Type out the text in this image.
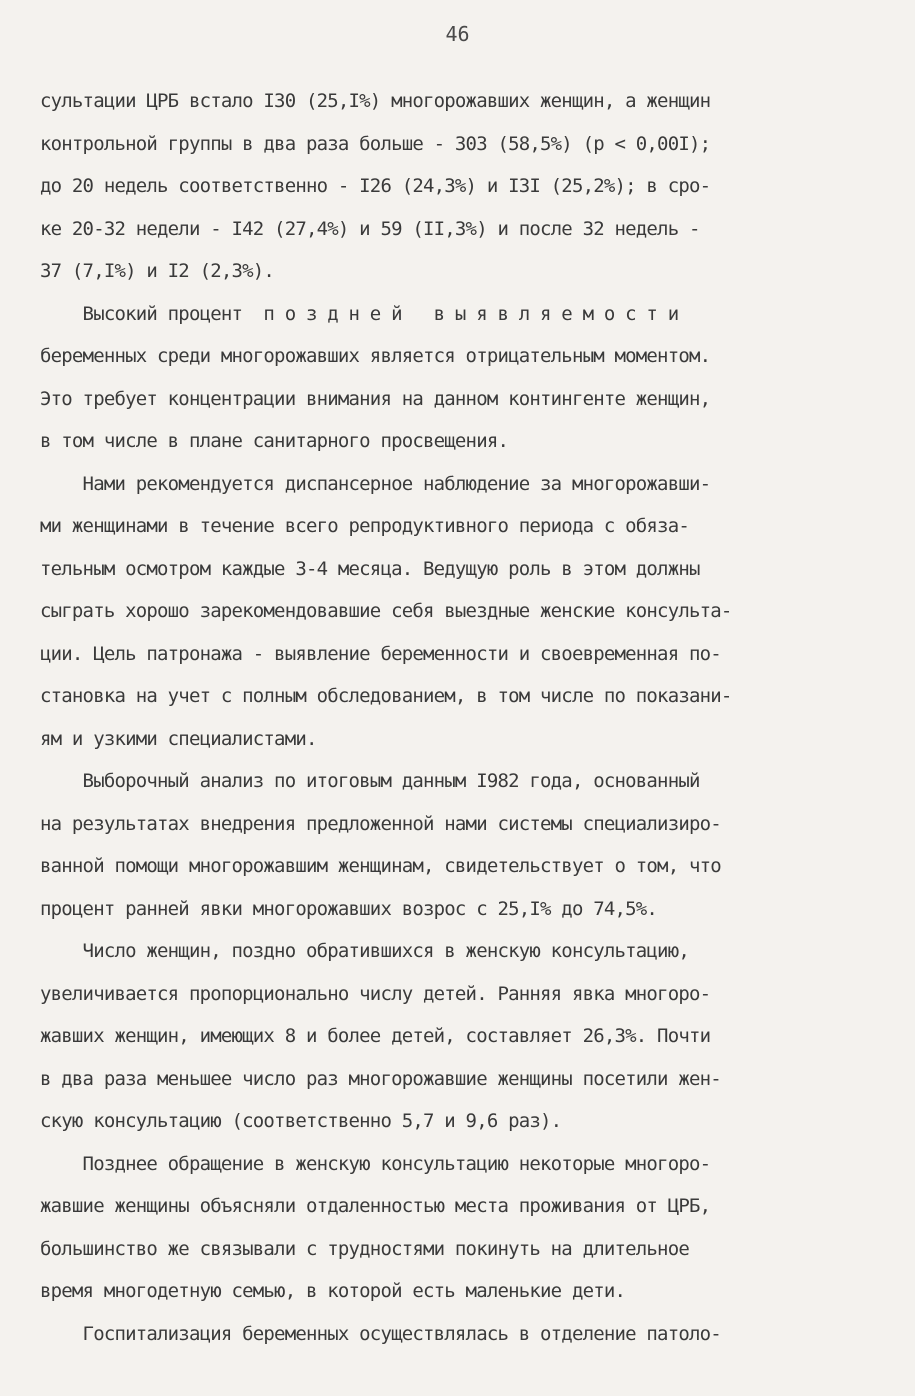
46
сультации ЦРБ встало I30 (25,I%) многорожавших женщин, а женщин
контрольной группы в два раза больше - 303 (58,5%) (р < 0,00I);
до 20 недель соответственно - I26 (24,3%) и I3I (25,2%); в сро-
ке 20-32 недели - I42 (27,4%) и 59 (II,3%) и после 32 недель -
37 (7,I%) и I2 (2,3%).
Высокий процент  п о з д н е й   в ы я в л я е м о с т и
беременных среди многорожавших является отрицательным моментом.
Это требует концентрации внимания на данном контингенте женщин,
в том числе в плане санитарного просвещения.
Нами рекомендуется диспансерное наблюдение за многорожавши-
ми женщинами в течение всего репродуктивного периода с обяза-
тельным осмотром каждые 3-4 месяца. Ведущую роль в этом должны
сыграть хорошо зарекомендовавшие себя выездные женские консульта-
ции. Цель патронажа - выявление беременности и своевременная по-
становка на учет с полным обследованием, в том числе по показани-
ям и узкими специалистами.
Выборочный анализ по итоговым данным I982 года, основанный
на результатах внедрения предложенной нами системы специализиро-
ванной помощи многорожавшим женщинам, свидетельствует о том, что
процент ранней явки многорожавших возрос с 25,I% до 74,5%.
Число женщин, поздно обратившихся в женскую консультацию,
увеличивается пропорционально числу детей. Ранняя явка многоро-
жавших женщин, имеющих 8 и более детей, составляет 26,3%. Почти
в два раза меньшее число раз многорожавшие женщины посетили жен-
скую консультацию (соответственно 5,7 и 9,6 раз).
Позднее обращение в женскую консультацию некоторые многоро-
жавшие женщины объясняли отдаленностью места проживания от ЦРБ,
большинство же связывали с трудностями покинуть на длительное
время многодетную семью, в которой есть маленькие дети.
Госпитализация беременных осуществлялась в отделение патоло-
